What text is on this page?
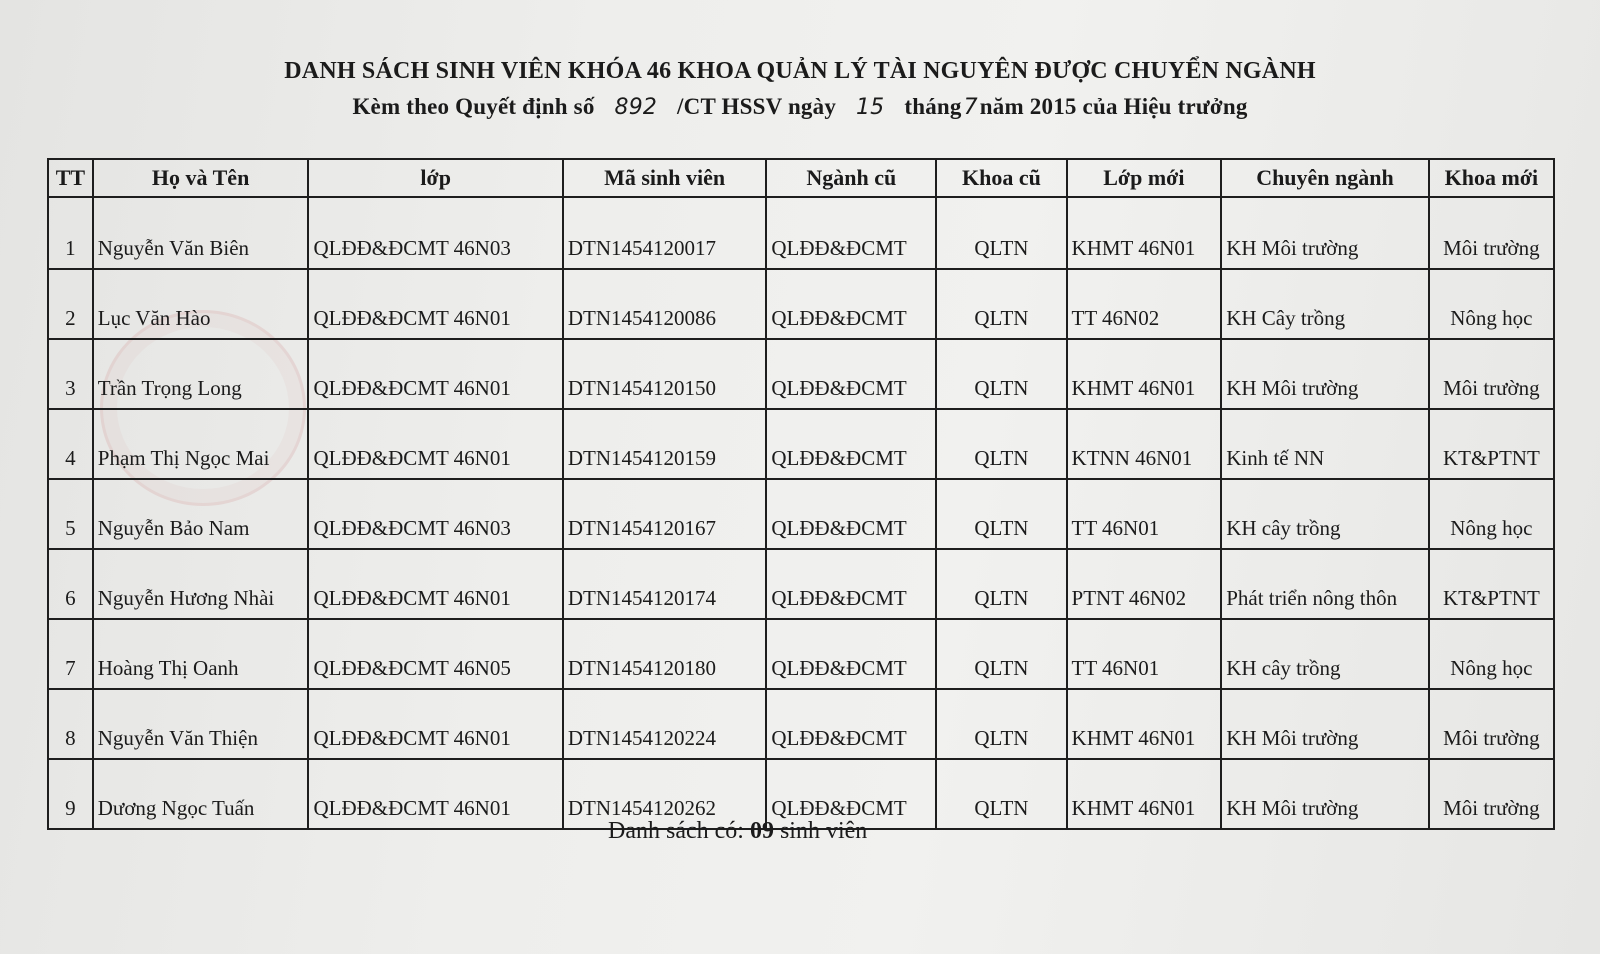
DANH SÁCH SINH VIÊN KHÓA 46 KHOA QUẢN LÝ TÀI NGUYÊN ĐƯỢC CHUYỂN NGÀNH
Kèm theo Quyết định số 892 /CT HSSV ngày 15 tháng7năm 2015 của Hiệu trưởng
TT	Họ và Tên	lớp	Mã sinh viên	Ngành cũ	Khoa cũ	Lớp mới	Chuyên ngành	Khoa mới
1	Nguyễn Văn Biên	QLĐĐ&ĐCMT 46N03	DTN1454120017	QLĐĐ&ĐCMT	QLTN	KHMT 46N01	KH Môi trường	Môi trường
2	Lục Văn Hào	QLĐĐ&ĐCMT 46N01	DTN1454120086	QLĐĐ&ĐCMT	QLTN	TT 46N02	KH Cây trồng	Nông học
3	Trần Trọng Long	QLĐĐ&ĐCMT 46N01	DTN1454120150	QLĐĐ&ĐCMT	QLTN	KHMT 46N01	KH Môi trường	Môi trường
4	Phạm Thị Ngọc Mai	QLĐĐ&ĐCMT 46N01	DTN1454120159	QLĐĐ&ĐCMT	QLTN	KTNN 46N01	Kinh tế NN	KT&PTNT
5	Nguyễn Bảo Nam	QLĐĐ&ĐCMT 46N03	DTN1454120167	QLĐĐ&ĐCMT	QLTN	TT 46N01	KH cây trồng	Nông học
6	Nguyễn Hương Nhài	QLĐĐ&ĐCMT 46N01	DTN1454120174	QLĐĐ&ĐCMT	QLTN	PTNT 46N02	Phát triển nông thôn	KT&PTNT
7	Hoàng Thị Oanh	QLĐĐ&ĐCMT 46N05	DTN1454120180	QLĐĐ&ĐCMT	QLTN	TT 46N01	KH cây trồng	Nông học
8	Nguyễn Văn Thiện	QLĐĐ&ĐCMT 46N01	DTN1454120224	QLĐĐ&ĐCMT	QLTN	KHMT 46N01	KH Môi trường	Môi trường
9	Dương Ngọc Tuấn	QLĐĐ&ĐCMT 46N01	DTN1454120262	QLĐĐ&ĐCMT	QLTN	KHMT 46N01	KH Môi trường	Môi trường
Danh sách có: 09 sinh viên
